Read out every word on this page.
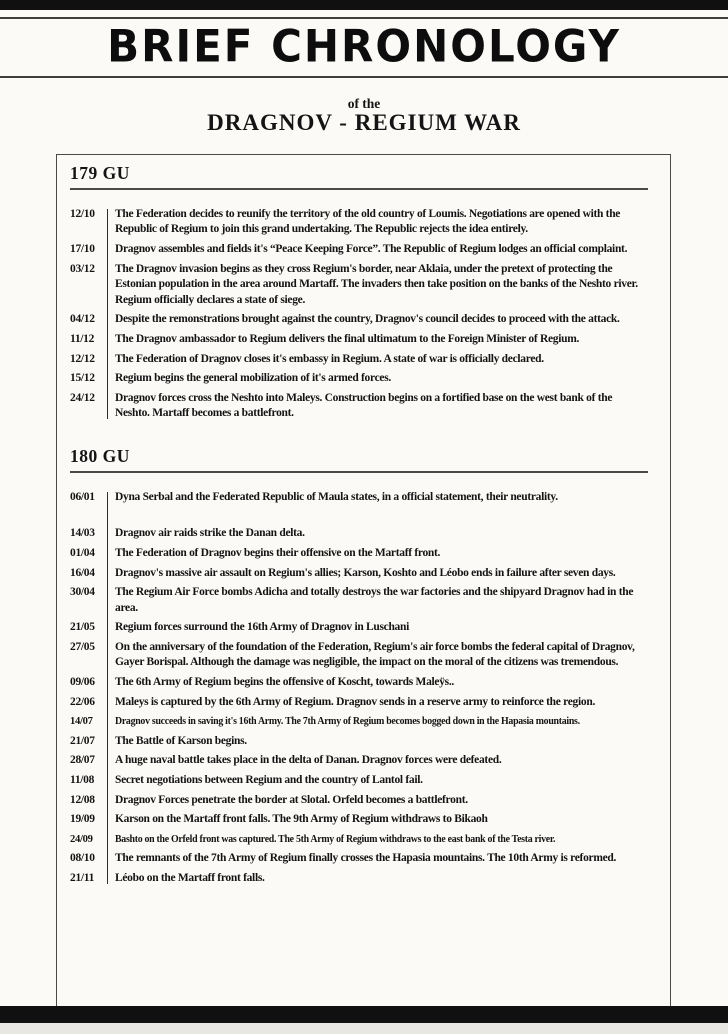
BRIEF CHRONOLOGY
of the
DRAGNOV - REGIUM WAR
179 GU
12/10	The Federation decides to reunify the territory of the old country of Loumis. Negotiations are opened with the Republic of Regium to join this grand undertaking. The Republic rejects the idea entirely.
17/10	Dragnov assembles and fields it's “Peace Keeping Force”. The Republic of Regium lodges an official complaint.
03/12	The Dragnov invasion begins as they cross Regium's border, near Aklaia, under the pretext of protecting the Estonian population in the area around Martaff. The invaders then take position on the banks of the Neshto river. Regium officially declares a state of siege.
04/12	Despite the remonstrations brought against the country, Dragnov's council decides to proceed with the attack.
11/12	The Dragnov ambassador to Regium delivers the final ultimatum to the Foreign Minister of Regium.
12/12	The Federation of Dragnov closes it's embassy in Regium. A state of war is officially declared.
15/12	Regium begins the general mobilization of it's armed forces.
24/12	Dragnov forces cross the Neshto into Maleys. Construction begins on a fortified base on the west bank of the Neshto. Martaff becomes a battlefront.
180 GU
06/01	Dyna Serbal and the Federated Republic of Maula states, in a official statement, their neutrality.
14/03	Dragnov air raids strike the Danan delta.
01/04	The Federation of Dragnov begins their offensive on the Martaff front.
16/04	Dragnov's massive air assault on Regium's allies; Karson, Koshto and Léobo ends in failure after seven days.
30/04	The Regium Air Force bombs Adicha and totally destroys the war factories and the shipyard Dragnov had in the area.
21/05	Regium forces surround the 16th Army of Dragnov in Luschani
27/05	On the anniversary of the foundation of the Federation, Regium's air force bombs the federal capital of Dragnov, Gayer Borispal. Although the damage was negligible, the impact on the moral of the citizens was tremendous.
09/06	The 6th Army of Regium begins the offensive of Koscht, towards Maleÿs..
22/06	Maleys is captured by the 6th Army of Regium. Dragnov sends in a reserve army to reinforce the region.
14/07	Dragnov succeeds in saving it's 16th Army. The 7th Army of Regium becomes bogged down in the Hapasia mountains.
21/07	The Battle of Karson begins.
28/07	A huge naval battle takes place in the delta of Danan. Dragnov forces were defeated.
11/08	Secret negotiations between Regium and the country of Lantol fail.
12/08	Dragnov Forces penetrate the border at Slotal. Orfeld becomes a battlefront.
19/09	Karson on the Martaff front falls. The 9th Army of Regium withdraws to Bikaoh
24/09	Bashto on the Orfeld front was captured. The 5th Army of Regium withdraws to the east bank of the Testa river.
08/10	The remnants of the 7th Army of Regium finally crosses the Hapasia mountains. The 10th Army is reformed.
21/11	Léobo on the Martaff front falls.
